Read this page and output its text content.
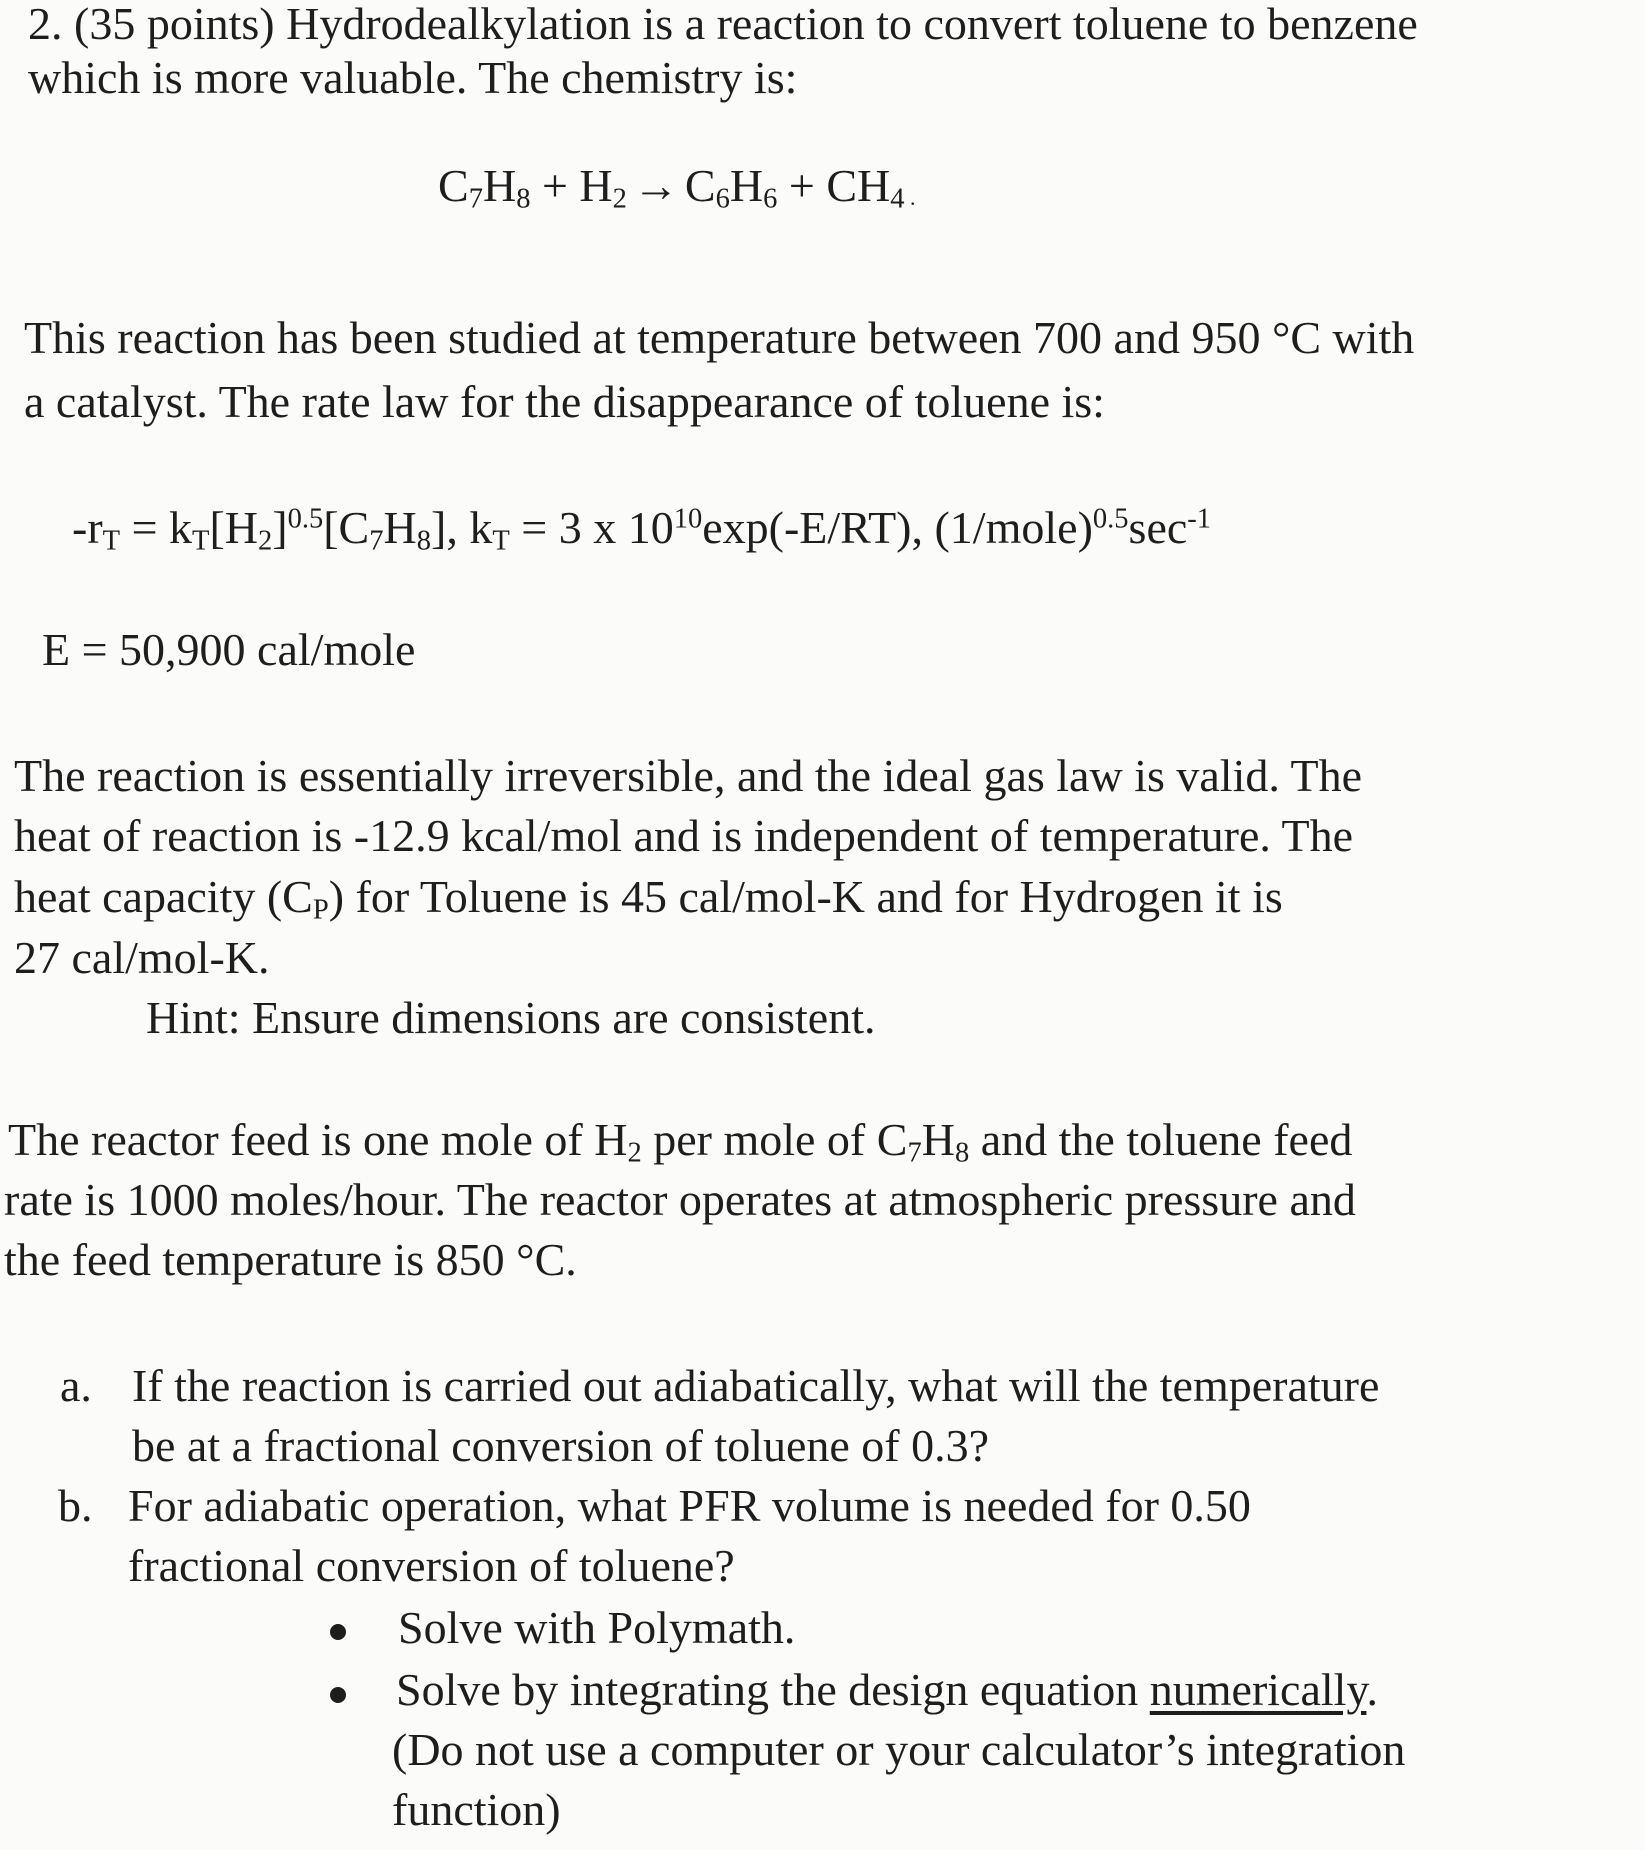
2. (35 points) Hydrodealkylation is a reaction to convert toluene to benzene
which is more valuable. The chemistry is:
$C_7H_8 + H_2 \to C_6H_6 + CH_4$ .
This reaction has been studied at temperature between 700 and 950 °C with
a catalyst. The rate law for the disappearance of toluene is:
$-r_T = k_T[H_2]^{0.5}[C_7H_8]$, $k_T = 3$ x $10^{10}\exp(-E/RT)$, $(1/mole)^{0.5}\sec^{-1}$
E = 50,900 cal/mole
The reaction is essentially irreversible, and the ideal gas law is valid. The
heat of reaction is -12.9 kcal/mol and is independent of temperature. The
heat capacity $(C_P)$ for Toluene is 45 cal/mol-K and for Hydrogen it is
27 cal/mol-K.
Hint: Ensure dimensions are consistent.
The reactor feed is one mole of $H_2$ per mole of $C_7H_8$ and the toluene feed
rate is 1000 moles/hour. The reactor operates at atmospheric pressure and
the feed temperature is 850 °C.
a. If the reaction is carried out adiabatically, what will the temperature
be at a fractional conversion of toluene of 0.3?
b. For adiabatic operation, what PFR volume is needed for 0.50
fractional conversion of toluene?
Solve with Polymath.
Solve by integrating the design equation numerically.
(Do not use a computer or your calculator’s integration
function)
